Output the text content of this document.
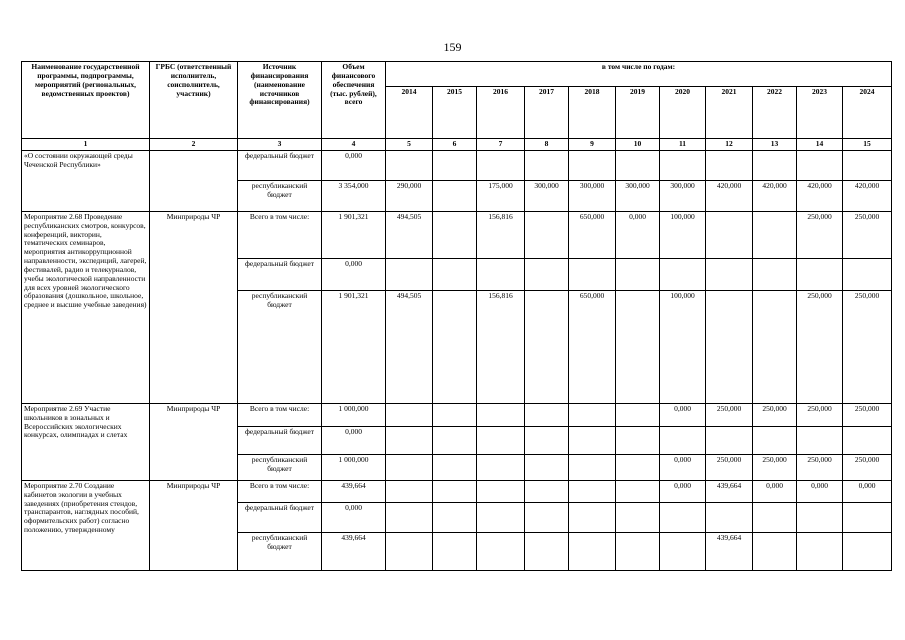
159
Наименование государственной программы, подпрограммы, мероприятий (региональных, ведомственных проектов)	ГРБС (ответственный исполнитель, соисполнитель, участник)	Источник финансирования (наименование источников финансирования)	Объем финансового обеспечения (тыс. рублей), всего	в том числе по годам:										
				2014	2015	2016	2017	2018	2019	2020	2021	2022	2023	2024
1	2	3	4	5	6	7	8	9	10	11	12	13	14	15
«О состоянии окружающей среды Чеченской Республики»		федеральный бюджет	0,000											
		республиканский бюджет	3 354,000	290,000		175,000	300,000	300,000	300,000	300,000	420,000	420,000	420,000	420,000
Мероприятие 2.68 Проведение республиканских смотров, конкурсов, конференций, викторин, тематических семинаров, мероприятия антикоррупционной направленности, экспедиций, лагерей, фестивалей, радио и телекурналов, учебы экологической направленности для всех уровней экологического образования (дошкольное, школьное, среднее и высшие учебные заведения)	Минприроды ЧР	Всего в том числе:	1 901,321	494,505		156,816		650,000	0,000	100,000			250,000	250,000
		федеральный бюджет	0,000											
		республиканский бюджет	1 901,321	494,505		156,816		650,000		100,000			250,000	250,000
Мероприятие 2.69 Участие школьников в зональных и Всероссийских экологических конкурсах, олимпиадах и слетах	Минприроды ЧР	Всего в том числе:	1 000,000							0,000	250,000	250,000	250,000	250,000
		федеральный бюджет	0,000											
		республиканский бюджет	1 000,000							0,000	250,000	250,000	250,000	250,000
Мероприятие 2.70 Создание кабинетов экологии в учебных заведениях (приобретения стендов, транспарантов, наглядных пособий, оформительских работ) согласно положению, утвержденному	Минприроды ЧР	Всего в том числе:	439,664							0,000	439,664	0,000	0,000	0,000
		федеральный бюджет	0,000											
		республиканский бюджет	439,664								439,664			
